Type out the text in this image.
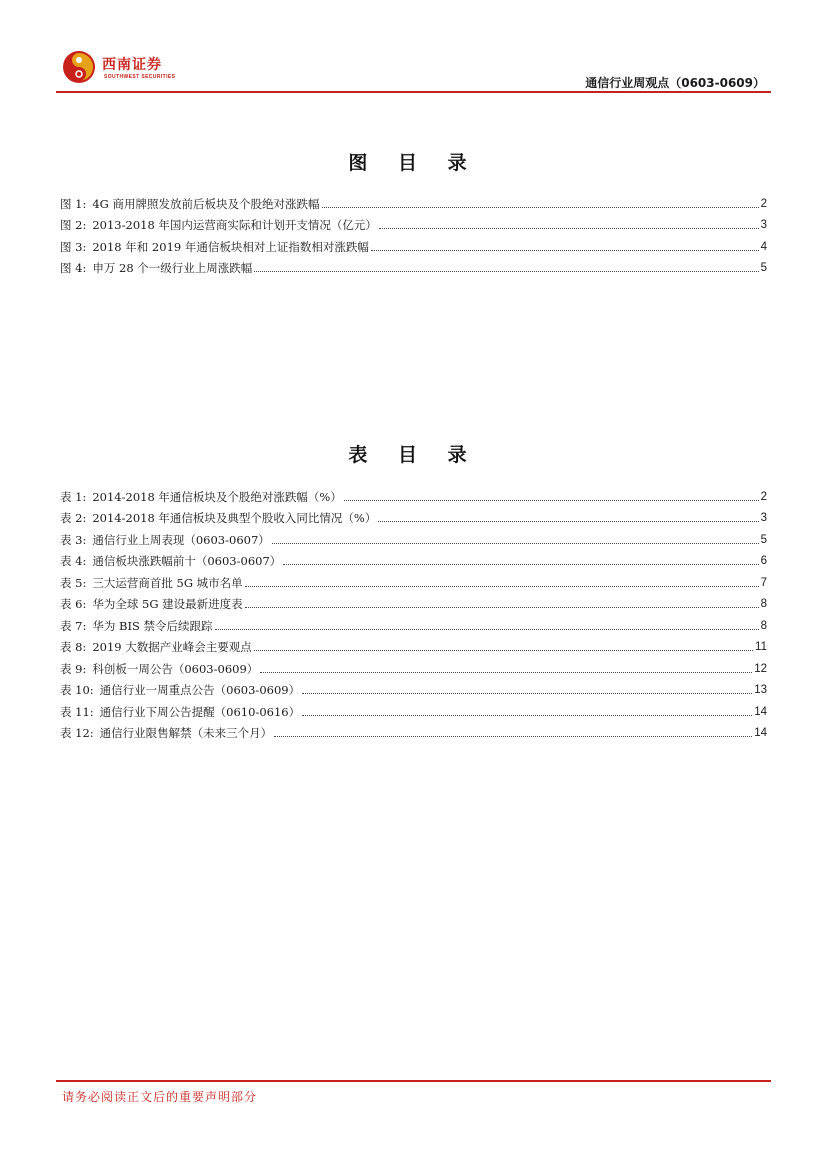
西南证券
SOUTHWEST SECURITIES	通信行业周观点（0603-0609）
图 目 录
图 1: 4G 商用牌照发放前后板块及个股绝对涨跌幅	2
图 2: 2013-2018 年国内运营商实际和计划开支情况（亿元）	3
图 3: 2018 年和 2019 年通信板块相对上证指数相对涨跌幅	4
图 4: 申万 28 个一级行业上周涨跌幅	5
表 目 录
表 1: 2014-2018 年通信板块及个股绝对涨跌幅（%）	2
表 2: 2014-2018 年通信板块及典型个股收入同比情况（%）	3
表 3: 通信行业上周表现（0603-0607）	5
表 4: 通信板块涨跌幅前十（0603-0607）	6
表 5: 三大运营商首批 5G 城市名单	7
表 6: 华为全球 5G 建设最新进度表	8
表 7: 华为 BIS 禁令后续跟踪	8
表 8: 2019 大数据产业峰会主要观点	11
表 9: 科创板一周公告（0603-0609）	12
表 10: 通信行业一周重点公告（0603-0609）	13
表 11: 通信行业下周公告提醒（0610-0616）	14
表 12: 通信行业限售解禁（未来三个月）	14
请务必阅读正文后的重要声明部分
